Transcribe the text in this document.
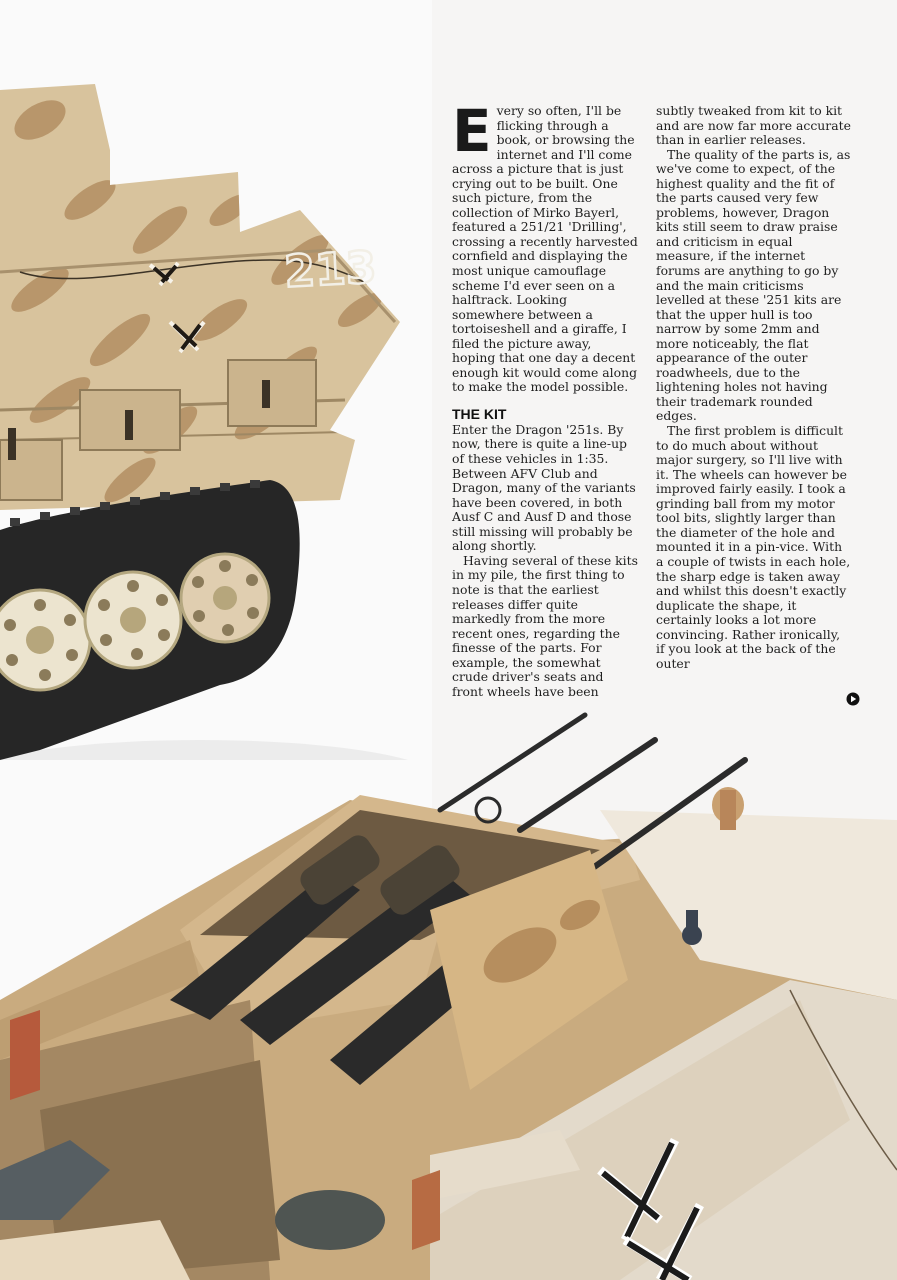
213

Every so often, I'll be flicking through a book, or browsing the internet and I'll come across a picture that is just crying out to be built. One such picture, from the collection of Mirko Bayerl, featured a 251/21 'Drilling', crossing a recently harvested cornfield and displaying the most unique camouflage scheme I'd ever seen on a halftrack. Looking somewhere between a tortoiseshell and a giraffe, I filed the picture away, hoping that one day a decent enough kit would come along to make the model possible.

THE KIT

Enter the Dragon '251s. By now, there is quite a line-up of these vehicles in 1:35. Between AFV Club and Dragon, many of the variants have been covered, in both Ausf C and Ausf D and those still missing will probably be along shortly.

Having several of these kits in my pile, the first thing to note is that the earliest releases differ quite markedly from the more recent ones, regarding the finesse of the parts. For example, the somewhat crude driver's seats and front wheels have been

subtly tweaked from kit to kit and are now far more accurate than in earlier releases.

The quality of the parts is, as we've come to expect, of the highest quality and the fit of the parts caused very few problems, however, Dragon kits still seem to draw praise and criticism in equal measure, if the internet forums are anything to go by and the main criticisms levelled at these '251 kits are that the upper hull is too narrow by some 2mm and more noticeably, the flat appearance of the outer roadwheels, due to the lightening holes not having their trademark rounded edges.

The first problem is difficult to do much about without major surgery, so I'll live with it. The wheels can however be improved fairly easily. I took a grinding ball from my motor tool bits, slightly larger than the diameter of the hole and mounted it in a pin-vice. With a couple of twists in each hole, the sharp edge is taken away and whilst this doesn't exactly duplicate the shape, it certainly looks a lot more convincing. Rather ironically, if you look at the back of the outer
